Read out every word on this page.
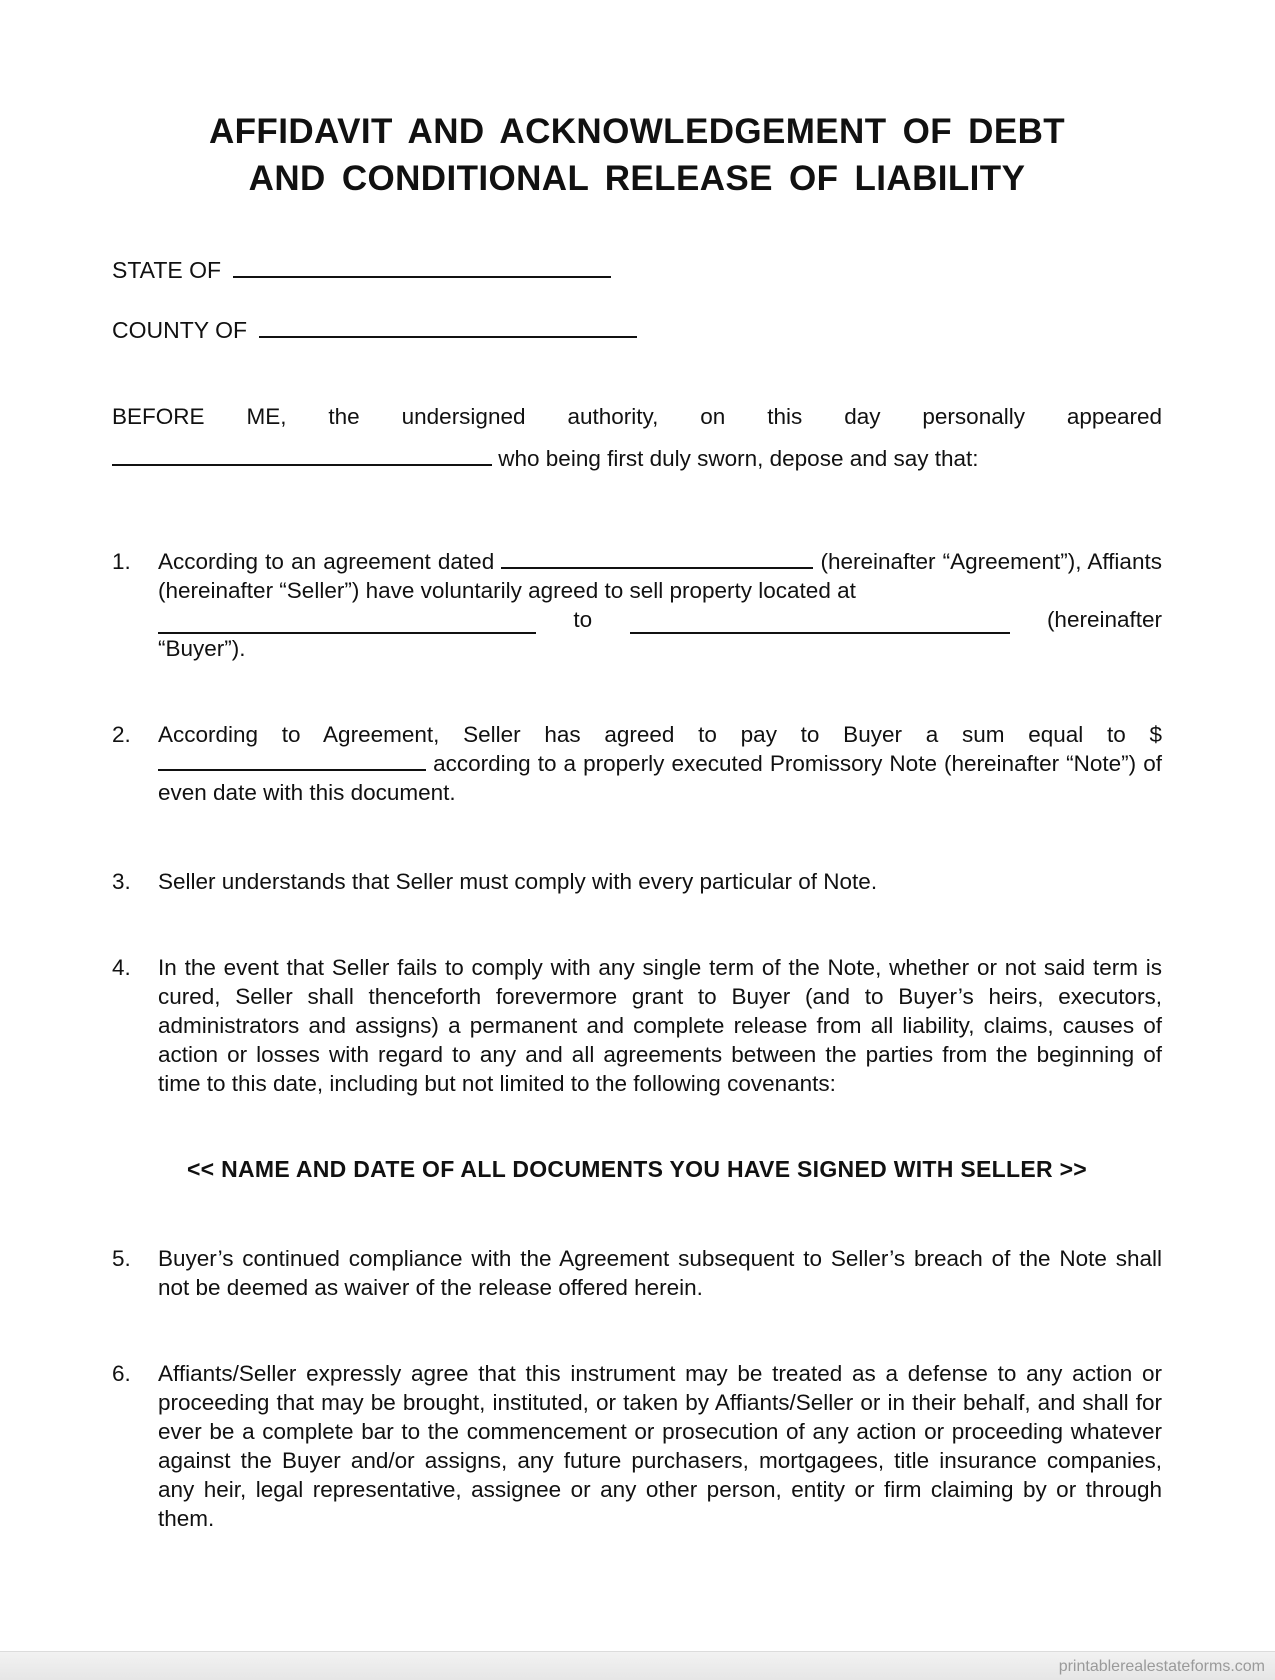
AFFIDAVIT AND ACKNOWLEDGEMENT OF DEBT
AND CONDITIONAL RELEASE OF LIABILITY
STATE OF
COUNTY OF
BEFORE ME, the undersigned authority, on this day personally appeared
who being first duly sworn, depose and say that:
1.	According to an agreement dated	(hereinafter “Agreement”), Affiants (hereinafter “Seller”) have voluntarily agreed to sell property located at
to	(hereinafter
“Buyer”).
2.	According to Agreement, Seller has agreed to pay to Buyer a sum equal to $ according to a properly executed Promissory Note (hereinafter “Note”) of even date with this document.
3.	Seller understands that Seller must comply with every particular of Note.
4.	In the event that Seller fails to comply with any single term of the Note, whether or not said term is cured, Seller shall thenceforth forevermore grant to Buyer (and to Buyer’s heirs, executors, administrators and assigns) a permanent and complete release from all liability, claims, causes of action or losses with regard to any and all agreements between the parties from the beginning of time to this date, including but not limited to the following covenants:
<< NAME AND DATE OF ALL DOCUMENTS YOU HAVE SIGNED WITH SELLER >>
5.	Buyer’s continued compliance with the Agreement subsequent to Seller’s breach of the Note shall not be deemed as waiver of the release offered herein.
6.	Affiants/Seller expressly agree that this instrument may be treated as a defense to any action or proceeding that may be brought, instituted, or taken by Affiants/Seller or in their behalf, and shall for ever be a complete bar to the commencement or prosecution of any action or proceeding whatever against the Buyer and/or assigns, any future purchasers, mortgagees, title insurance companies, any heir, legal representative, assignee or any other person, entity or firm claiming by or through them.
printablerealestateforms.com
